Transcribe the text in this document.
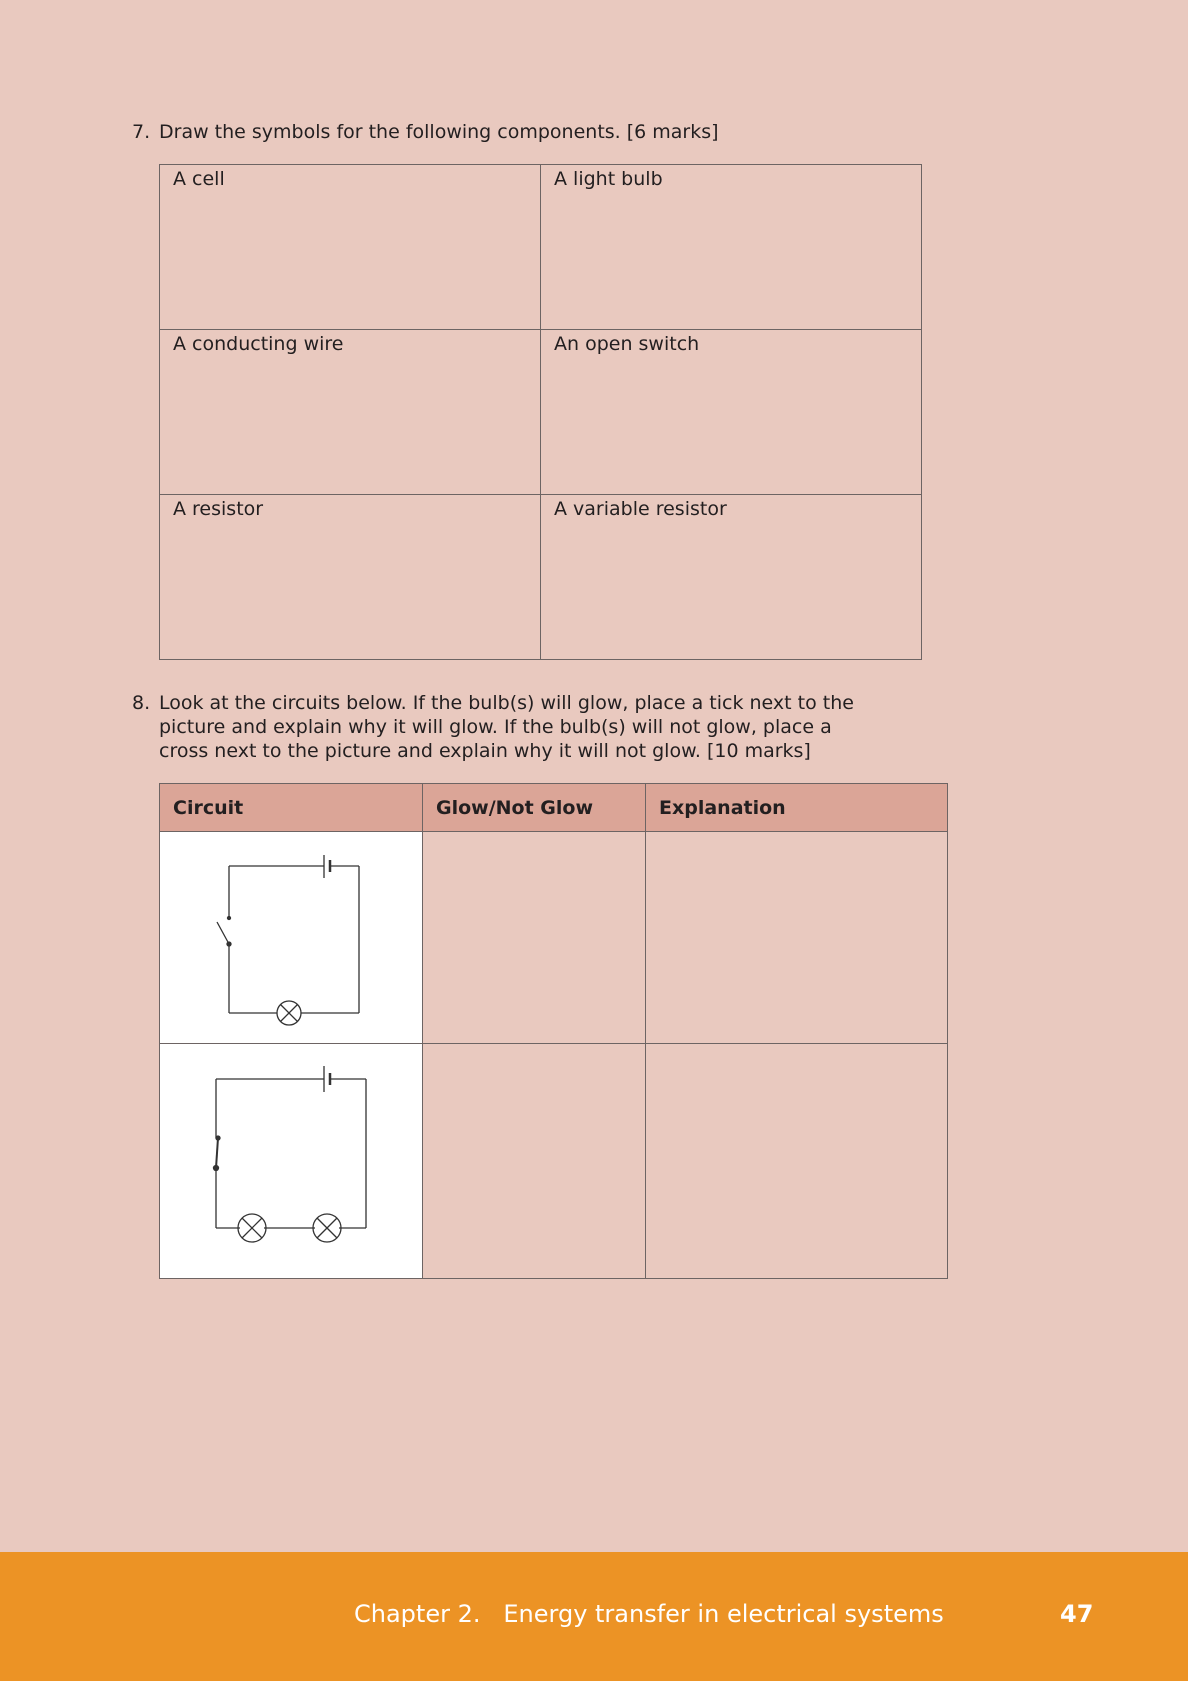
7. Draw the symbols for the following components. [6 marks]
A cell	A light bulb

A conducting wire	An open switch

A resistor	A variable resistor
8. Look at the circuits below. If the bulb(s) will glow, place a tick next to the
picture and explain why it will glow. If the bulb(s) will not glow, place a
cross next to the picture and explain why it will not glow. [10 marks]
Circuit	Glow/Not Glow	Explanation

Chapter 2.   Energy transfer in electrical systems	47
